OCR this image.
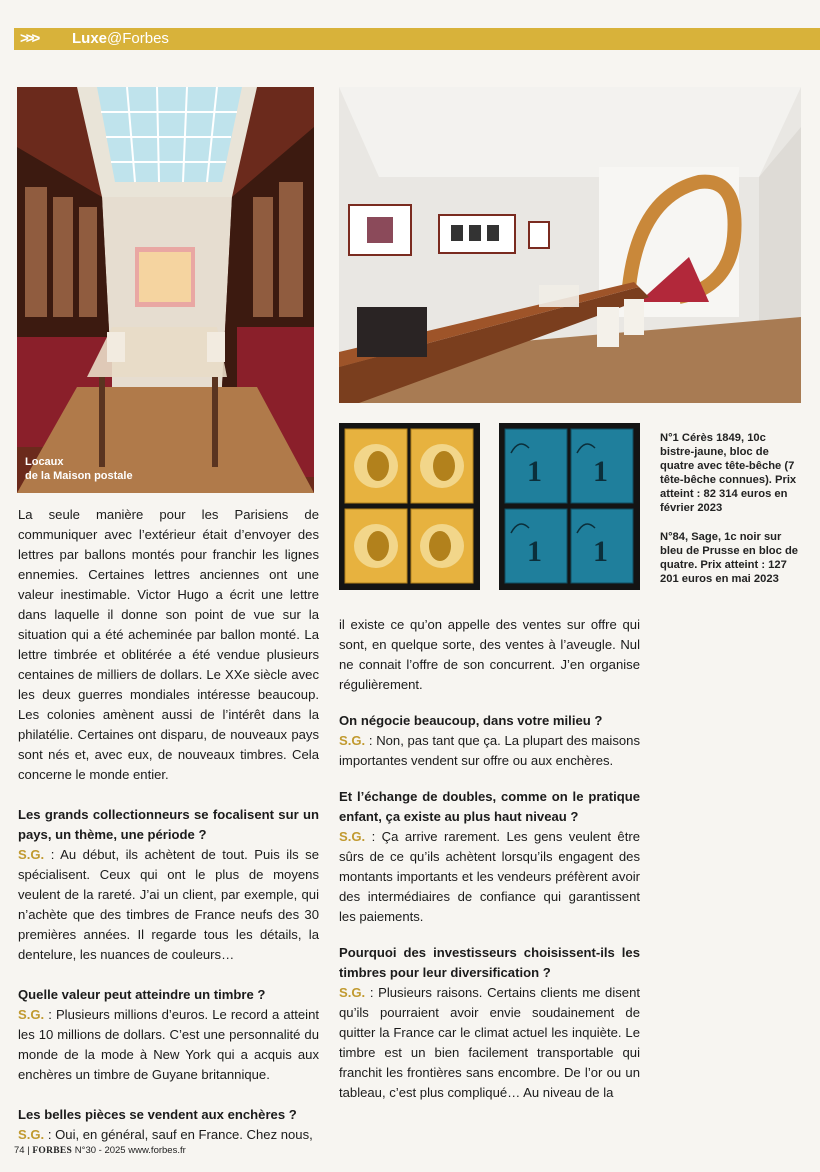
>>> Luxe@Forbes
Locaux
de la Maison postale	1 1
1 1
N°1 Cérès 1849, 10c bistre-jaune, bloc de quatre avec tête-bêche (7 tête-bêche connues). Prix atteint : 82 314 euros en février 2023
N°84, Sage, 1c noir sur bleu de Prusse en bloc de quatre. Prix atteint : 127 201 euros en mai 2023

La seule manière pour les Parisiens de communiquer avec l’extérieur était d’envoyer des lettres par ballons montés pour franchir les lignes ennemies. Certaines lettres anciennes ont une valeur inestimable. Victor Hugo a écrit une lettre dans laquelle il donne son point de vue sur la situation qui a été acheminée par ballon monté. La lettre timbrée et oblitérée a été vendue plusieurs centaines de milliers de dollars. Le XXe siècle avec les deux guerres mondiales intéresse beaucoup. Les colonies amènent aussi de l’intérêt dans la philatélie. Certaines ont disparu, de nouveaux pays sont nés et, avec eux, de nouveaux timbres. Cela concerne le monde entier.

Les grands collectionneurs se focalisent sur un pays, un thème, une période ?

S.G. : Au début, ils achètent de tout. Puis ils se spécialisent. Ceux qui ont le plus de moyens veulent de la rareté. J’ai un client, par exemple, qui n’achète que des timbres de France neufs des 30 premières années. Il regarde tous les détails, la dentelure, les nuances de couleurs…

Quelle valeur peut atteindre un timbre ?

S.G. : Plusieurs millions d’euros. Le record a atteint les 10 millions de dollars. C’est une personnalité du monde de la mode à New York qui a acquis aux enchères un timbre de Guyane britannique.

Les belles pièces se vendent aux enchères ?

S.G. : Oui, en général, sauf en France. Chez nous,

il existe ce qu’on appelle des ventes sur offre qui sont, en quelque sorte, des ventes à l’aveugle. Nul ne connait l’offre de son concurrent. J’en organise régulièrement.

On négocie beaucoup, dans votre milieu ?

S.G. : Non, pas tant que ça. La plupart des maisons importantes vendent sur offre ou aux enchères.

Et l’échange de doubles, comme on le pratique enfant, ça existe au plus haut niveau ?

S.G. : Ça arrive rarement. Les gens veulent être sûrs de ce qu’ils achètent lorsqu’ils engagent des montants importants et les vendeurs préfèrent avoir des intermédiaires de confiance qui garantissent les paiements.

Pourquoi des investisseurs choisissent-ils les timbres pour leur diversification ?

S.G. : Plusieurs raisons. Certains clients me disent qu’ils pourraient avoir envie soudainement de quitter la France car le climat actuel les inquiète. Le timbre est un bien facilement transportable qui franchit les frontières sans encombre. De l’or ou un tableau, c’est plus compliqué… Au niveau de la

74 | FORBES N°30 - 2025 www.forbes.fr
